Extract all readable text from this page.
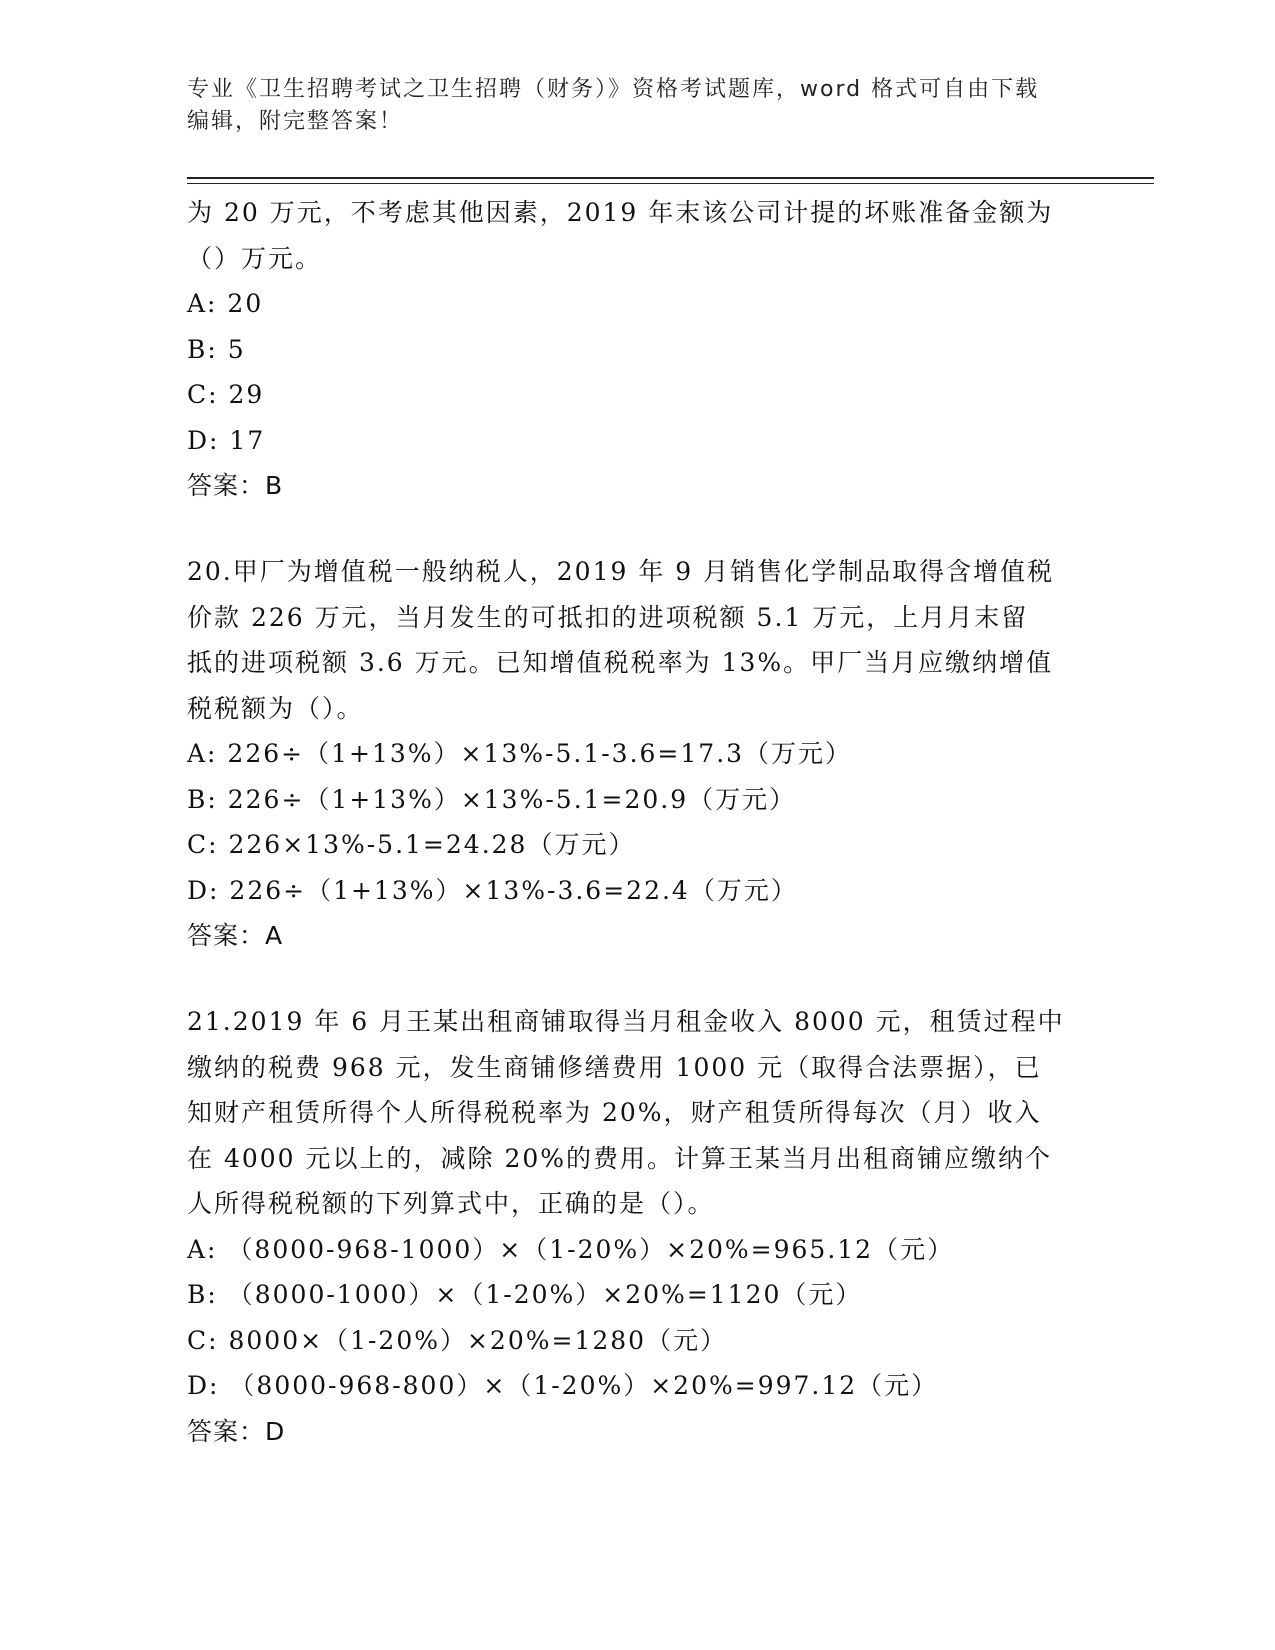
专业《卫生招聘考试之卫生招聘（财务）》资格考试题库，word 格式可自由下载
编辑，附完整答案！

为 20 万元，不考虑其他因素，2019 年末该公司计提的坏账准备金额为

（）万元。

A: 20

B: 5

C: 29

D: 17

答案：B

20.甲厂为增值税一般纳税人，2019 年 9 月销售化学制品取得含增值税

价款 226 万元，当月发生的可抵扣的进项税额 5.1 万元，上月月末留

抵的进项税额 3.6 万元。已知增值税税率为 13%。甲厂当月应缴纳增值

税税额为（）。

A: 226÷（1+13%）×13%-5.1-3.6=17.3（万元）

B: 226÷（1+13%）×13%-5.1=20.9（万元）

C: 226×13%-5.1=24.28（万元）

D: 226÷（1+13%）×13%-3.6=22.4（万元）

答案：A

21.2019 年 6 月王某出租商铺取得当月租金收入 8000 元，租赁过程中

缴纳的税费 968 元，发生商铺修缮费用 1000 元（取得合法票据），已

知财产租赁所得个人所得税税率为 20%，财产租赁所得每次（月）收入

在 4000 元以上的，减除 20%的费用。计算王某当月出租商铺应缴纳个

人所得税税额的下列算式中，正确的是（）。

A: （8000-968-1000）×（1-20%）×20%=965.12（元）

B: （8000-1000）×（1-20%）×20%=1120（元）

C: 8000×（1-20%）×20%=1280（元）

D: （8000-968-800）×（1-20%）×20%=997.12（元）

答案：D
